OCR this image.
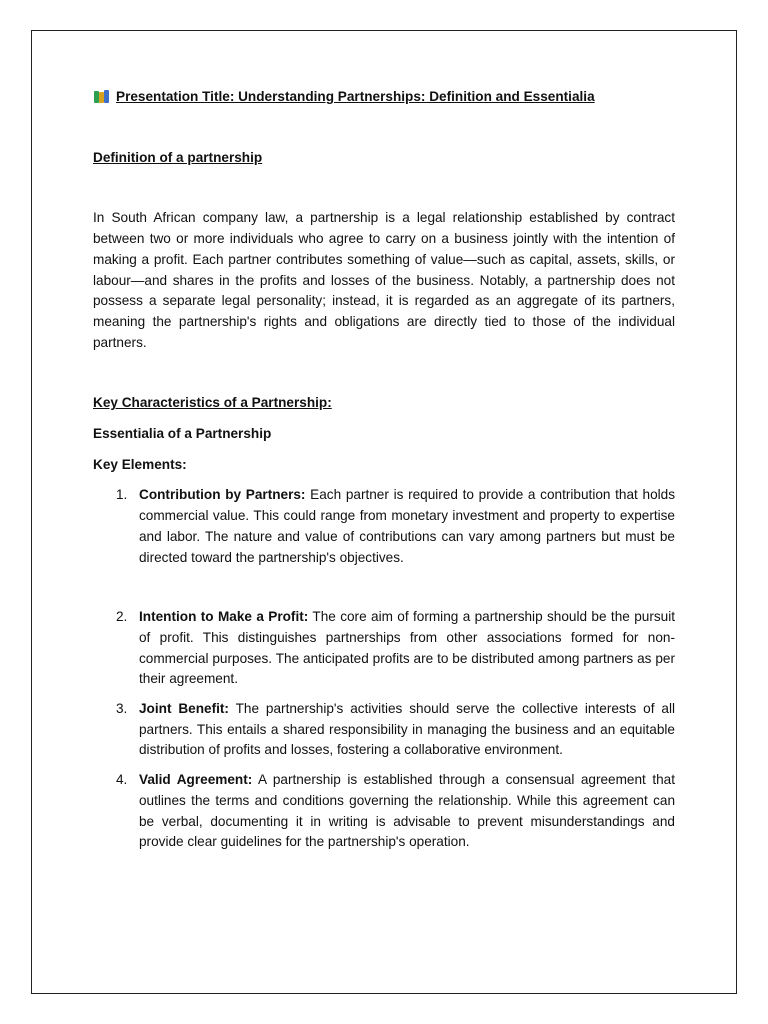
Presentation Title: Understanding Partnerships: Definition and Essentialia

Definition of a partnership

In South African company law, a partnership is a legal relationship established by contract between two or more individuals who agree to carry on a business jointly with the intention of making a profit. Each partner contributes something of value—such as capital, assets, skills, or labour—and shares in the profits and losses of the business. Notably, a partnership does not possess a separate legal personality; instead, it is regarded as an aggregate of its partners, meaning the partnership's rights and obligations are directly tied to those of the individual partners.

Key Characteristics of a Partnership:

Essentialia of a Partnership

Key Elements:

1. Contribution by Partners: Each partner is required to provide a contribution that holds commercial value. This could range from monetary investment and property to expertise and labor. The nature and value of contributions can vary among partners but must be directed toward the partnership's objectives.
2. Intention to Make a Profit: The core aim of forming a partnership should be the pursuit of profit. This distinguishes partnerships from other associations formed for non-commercial purposes. The anticipated profits are to be distributed among partners as per their agreement.
3. Joint Benefit: The partnership's activities should serve the collective interests of all partners. This entails a shared responsibility in managing the business and an equitable distribution of profits and losses, fostering a collaborative environment.
4. Valid Agreement: A partnership is established through a consensual agreement that outlines the terms and conditions governing the relationship. While this agreement can be verbal, documenting it in writing is advisable to prevent misunderstandings and provide clear guidelines for the partnership's operation.
